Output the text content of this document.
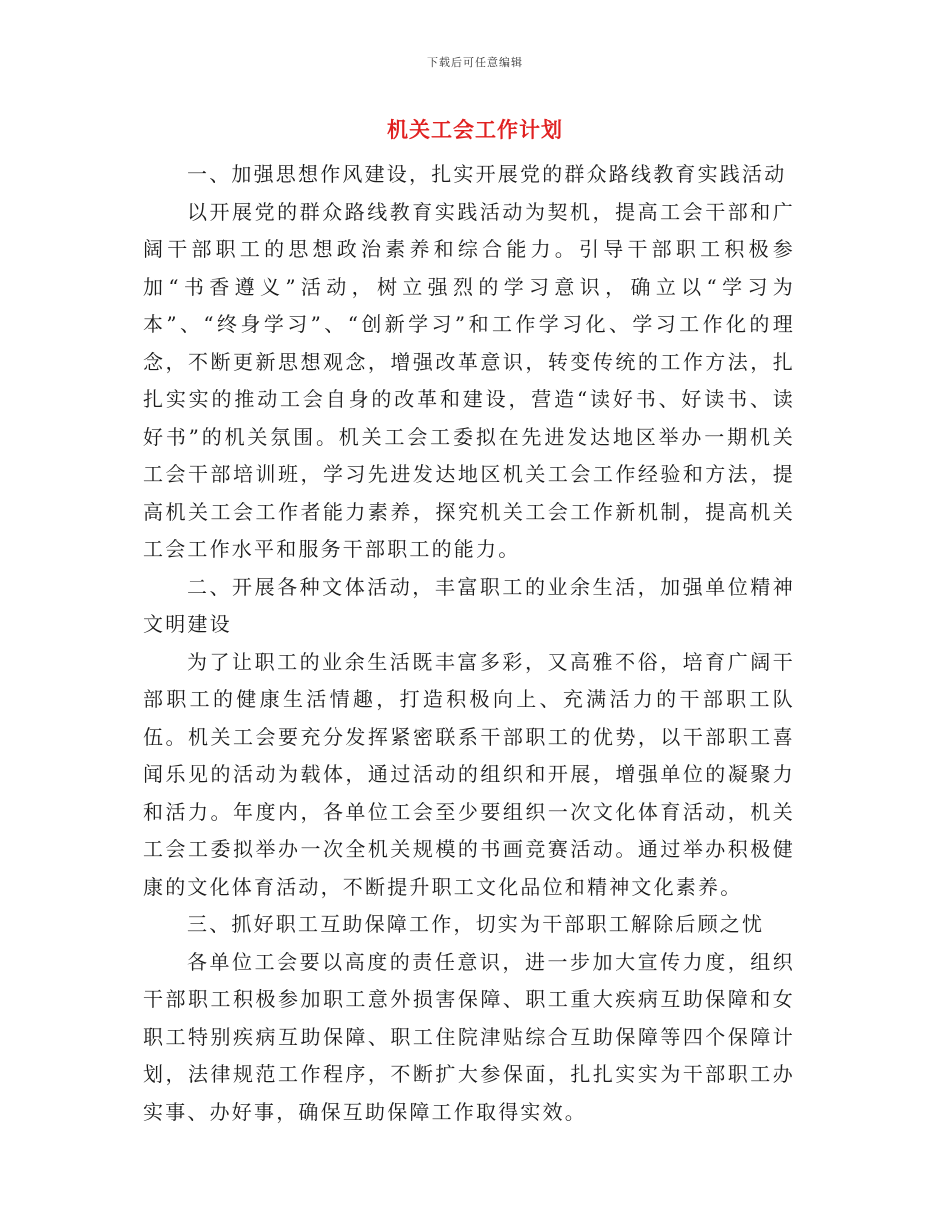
下载后可任意编辑
机关工会工作计划

一、加强思想作风建设，扎实开展党的群众路线教育实践活动

以开展党的群众路线教育实践活动为契机，提高工会干部和广阔干部职工的思想政治素养和综合能力。引导干部职工积极参加“书香遵义”活动，树立强烈的学习意识，确立以“学习为本”、“终身学习”、“创新学习”和工作学习化、学习工作化的理念，不断更新思想观念，增强改革意识，转变传统的工作方法，扎扎实实的推动工会自身的改革和建设，营造“读好书、好读书、读好书”的机关氛围。机关工会工委拟在先进发达地区举办一期机关工会干部培训班，学习先进发达地区机关工会工作经验和方法，提高机关工会工作者能力素养，探究机关工会工作新机制，提高机关工会工作水平和服务干部职工的能力。

二、开展各种文体活动，丰富职工的业余生活，加强单位精神文明建设

为了让职工的业余生活既丰富多彩，又高雅不俗，培育广阔干部职工的健康生活情趣，打造积极向上、充满活力的干部职工队伍。机关工会要充分发挥紧密联系干部职工的优势，以干部职工喜闻乐见的活动为载体，通过活动的组织和开展，增强单位的凝聚力和活力。年度内，各单位工会至少要组织一次文化体育活动，机关工会工委拟举办一次全机关规模的书画竞赛活动。通过举办积极健康的文化体育活动，不断提升职工文化品位和精神文化素养。

三、抓好职工互助保障工作，切实为干部职工解除后顾之忧

各单位工会要以高度的责任意识，进一步加大宣传力度，组织干部职工积极参加职工意外损害保障、职工重大疾病互助保障和女职工特别疾病互助保障、职工住院津贴综合互助保障等四个保障计划，法律规范工作程序，不断扩大参保面，扎扎实实为干部职工办实事、办好事，确保互助保障工作取得实效。
